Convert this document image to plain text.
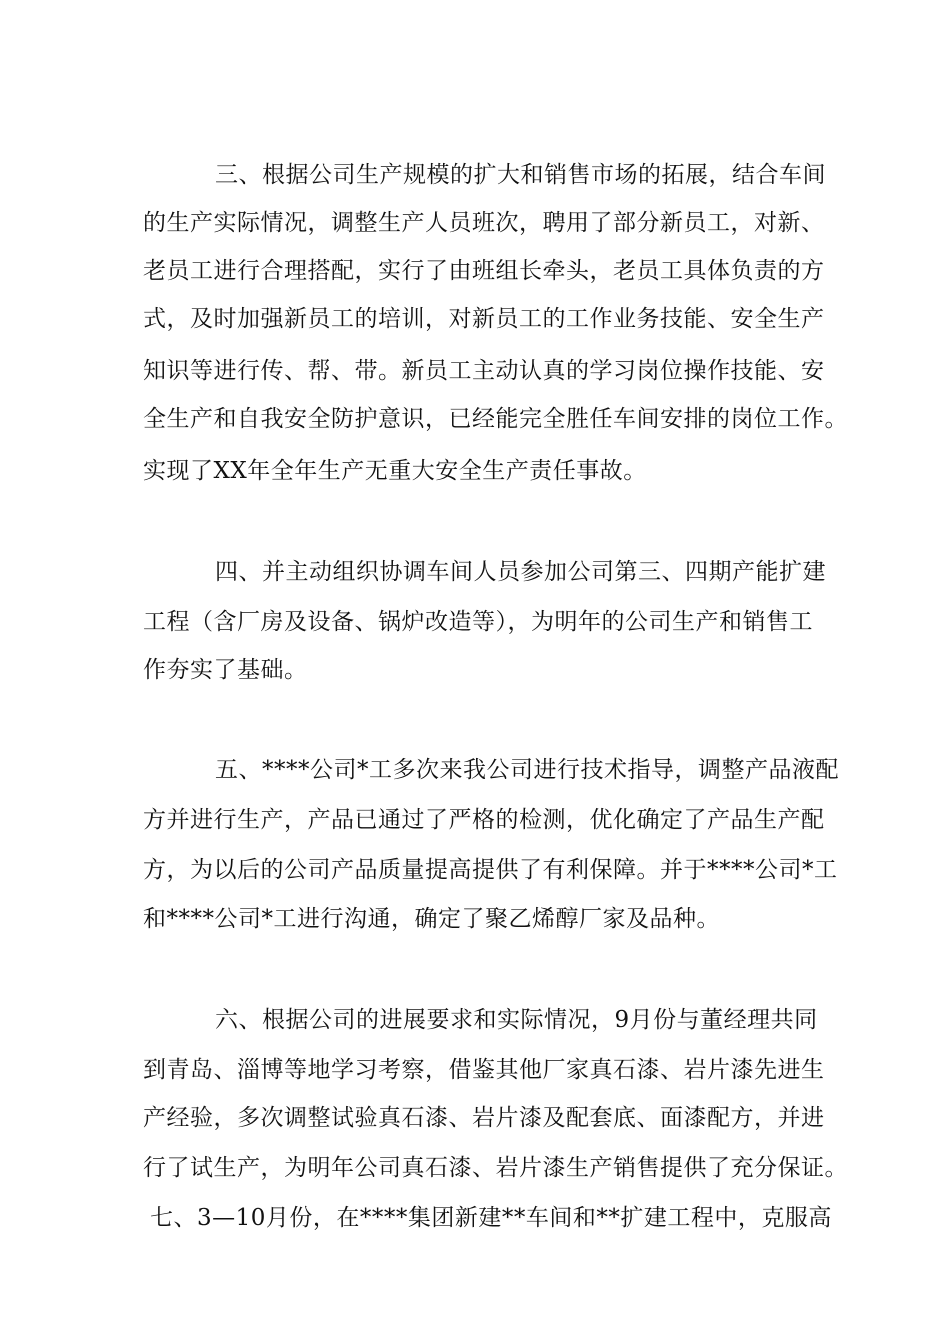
三、根据公司生产规模的扩大和销售市场的拓展，结合车间
的生产实际情况，调整生产人员班次，聘用了部分新员工，对新、
老员工进行合理搭配，实行了由班组长牵头，老员工具体负责的方
式，及时加强新员工的培训，对新员工的工作业务技能、安全生产
知识等进行传、帮、带。新员工主动认真的学习岗位操作技能、安
全生产和自我安全防护意识，已经能完全胜任车间安排的岗位工作。
实现了XX年全年生产无重大安全生产责任事故。
四、并主动组织协调车间人员参加公司第三、四期产能扩建
工程（含厂房及设备、锅炉改造等），为明年的公司生产和销售工
作夯实了基础。
五、****公司*工多次来我公司进行技术指导，调整产品液配
方并进行生产，产品已通过了严格的检测，优化确定了产品生产配
方，为以后的公司产品质量提高提供了有利保障。并于****公司*工
和****公司*工进行沟通，确定了聚乙烯醇厂家及品种。
六、根据公司的进展要求和实际情况，9月份与董经理共同
到青岛、淄博等地学习考察，借鉴其他厂家真石漆、岩片漆先进生
产经验，多次调整试验真石漆、岩片漆及配套底、面漆配方，并进
行了试生产，为明年公司真石漆、岩片漆生产销售提供了充分保证。
七、3—10月份，在****集团新建**车间和**扩建工程中，克服高
